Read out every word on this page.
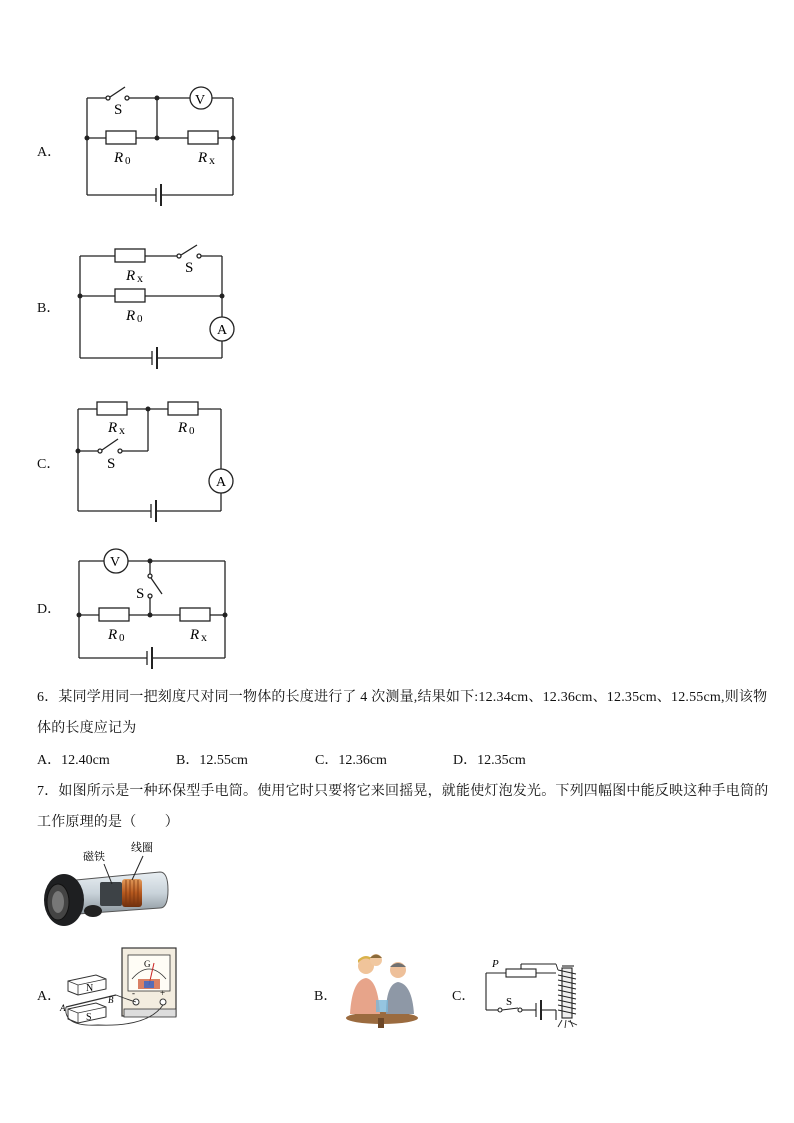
A．
S
V
R 0	R x
B．
S
A
R x
R 0
C．	S
A
R x	R 0
D．
S
V
R 0	R x
6．某同学用同一把刻度尺对同一物体的长度进行了 4 次测量,结果如下:12.34cm、12.36cm、12.35cm、12.55cm,则该物
体的长度应记为
A．12.40cm	B．12.55cm	C．12.36cm	D．12.35cm
7．如图所示是一种环保型手电筒。使用它时只要将它来回摇晃，就能使灯泡发光。下列四幅图中能反映这种手电筒的
工作原理的是（　　）
磁铁
线圈
A．
G
-	+
N
S
A
B	B．	C．
P
S
